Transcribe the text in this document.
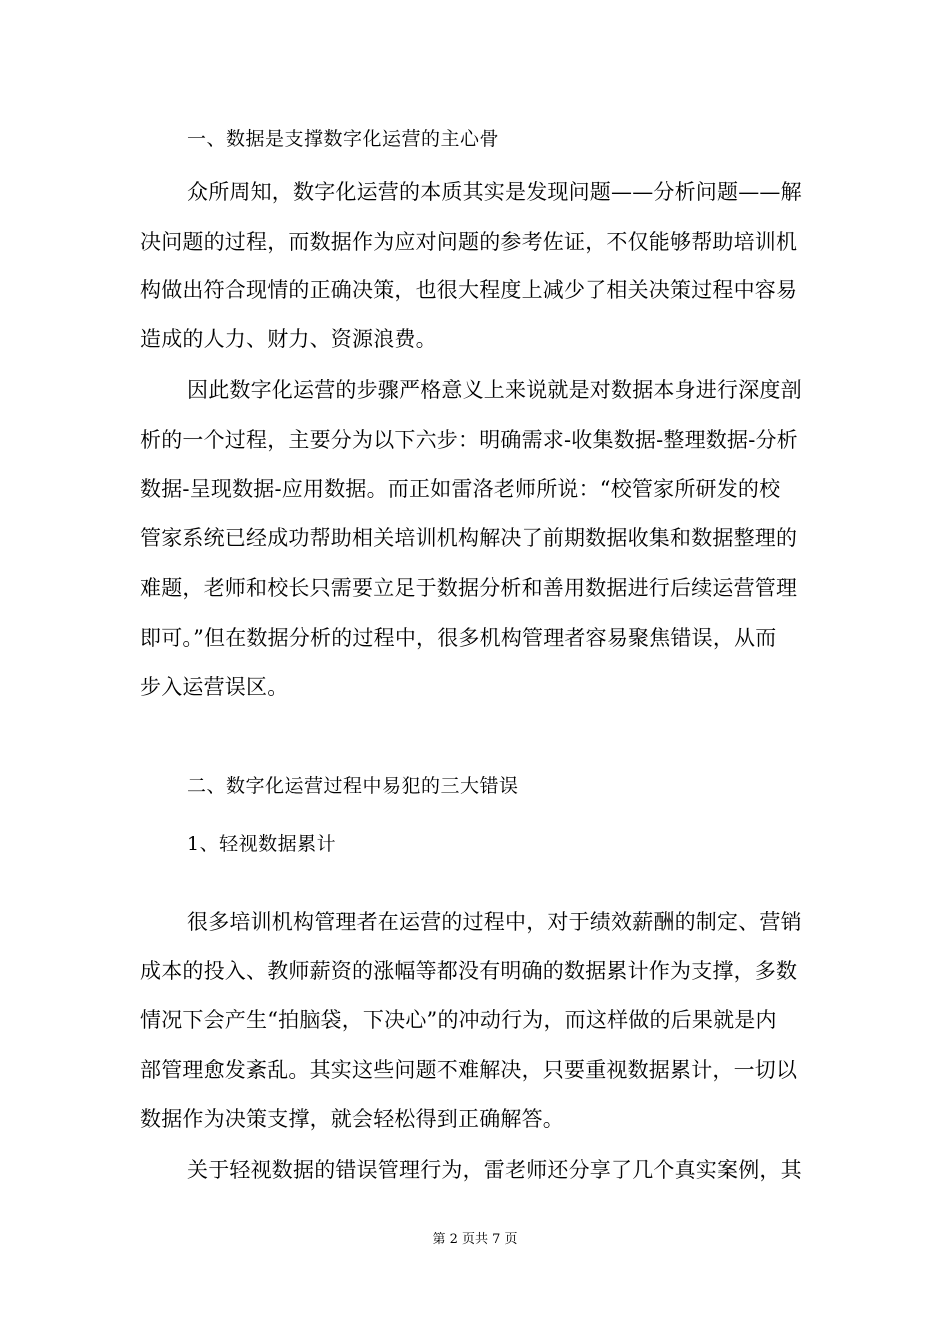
一、数据是支撑数字化运营的主心骨
众所周知，数字化运营的本质其实是发现问题——分析问题——解
决问题的过程，而数据作为应对问题的参考佐证，不仅能够帮助培训机
构做出符合现情的正确决策，也很大程度上减少了相关决策过程中容易
造成的人力、财力、资源浪费。
因此数字化运营的步骤严格意义上来说就是对数据本身进行深度剖
析的一个过程，主要分为以下六步：明确需求-收集数据-整理数据-分析
数据-呈现数据-应用数据。而正如雷洛老师所说：“校管家所研发的校
管家系统已经成功帮助相关培训机构解决了前期数据收集和数据整理的
难题，老师和校长只需要立足于数据分析和善用数据进行后续运营管理
即可。”但在数据分析的过程中，很多机构管理者容易聚焦错误，从而
步入运营误区。
二、数字化运营过程中易犯的三大错误
1、轻视数据累计
很多培训机构管理者在运营的过程中，对于绩效薪酬的制定、营销
成本的投入、教师薪资的涨幅等都没有明确的数据累计作为支撑，多数
情况下会产生“拍脑袋，下决心”的冲动行为，而这样做的后果就是内
部管理愈发紊乱。其实这些问题不难解决，只要重视数据累计，一切以
数据作为决策支撑，就会轻松得到正确解答。
关于轻视数据的错误管理行为，雷老师还分享了几个真实案例，其
第 2 页共 7 页
